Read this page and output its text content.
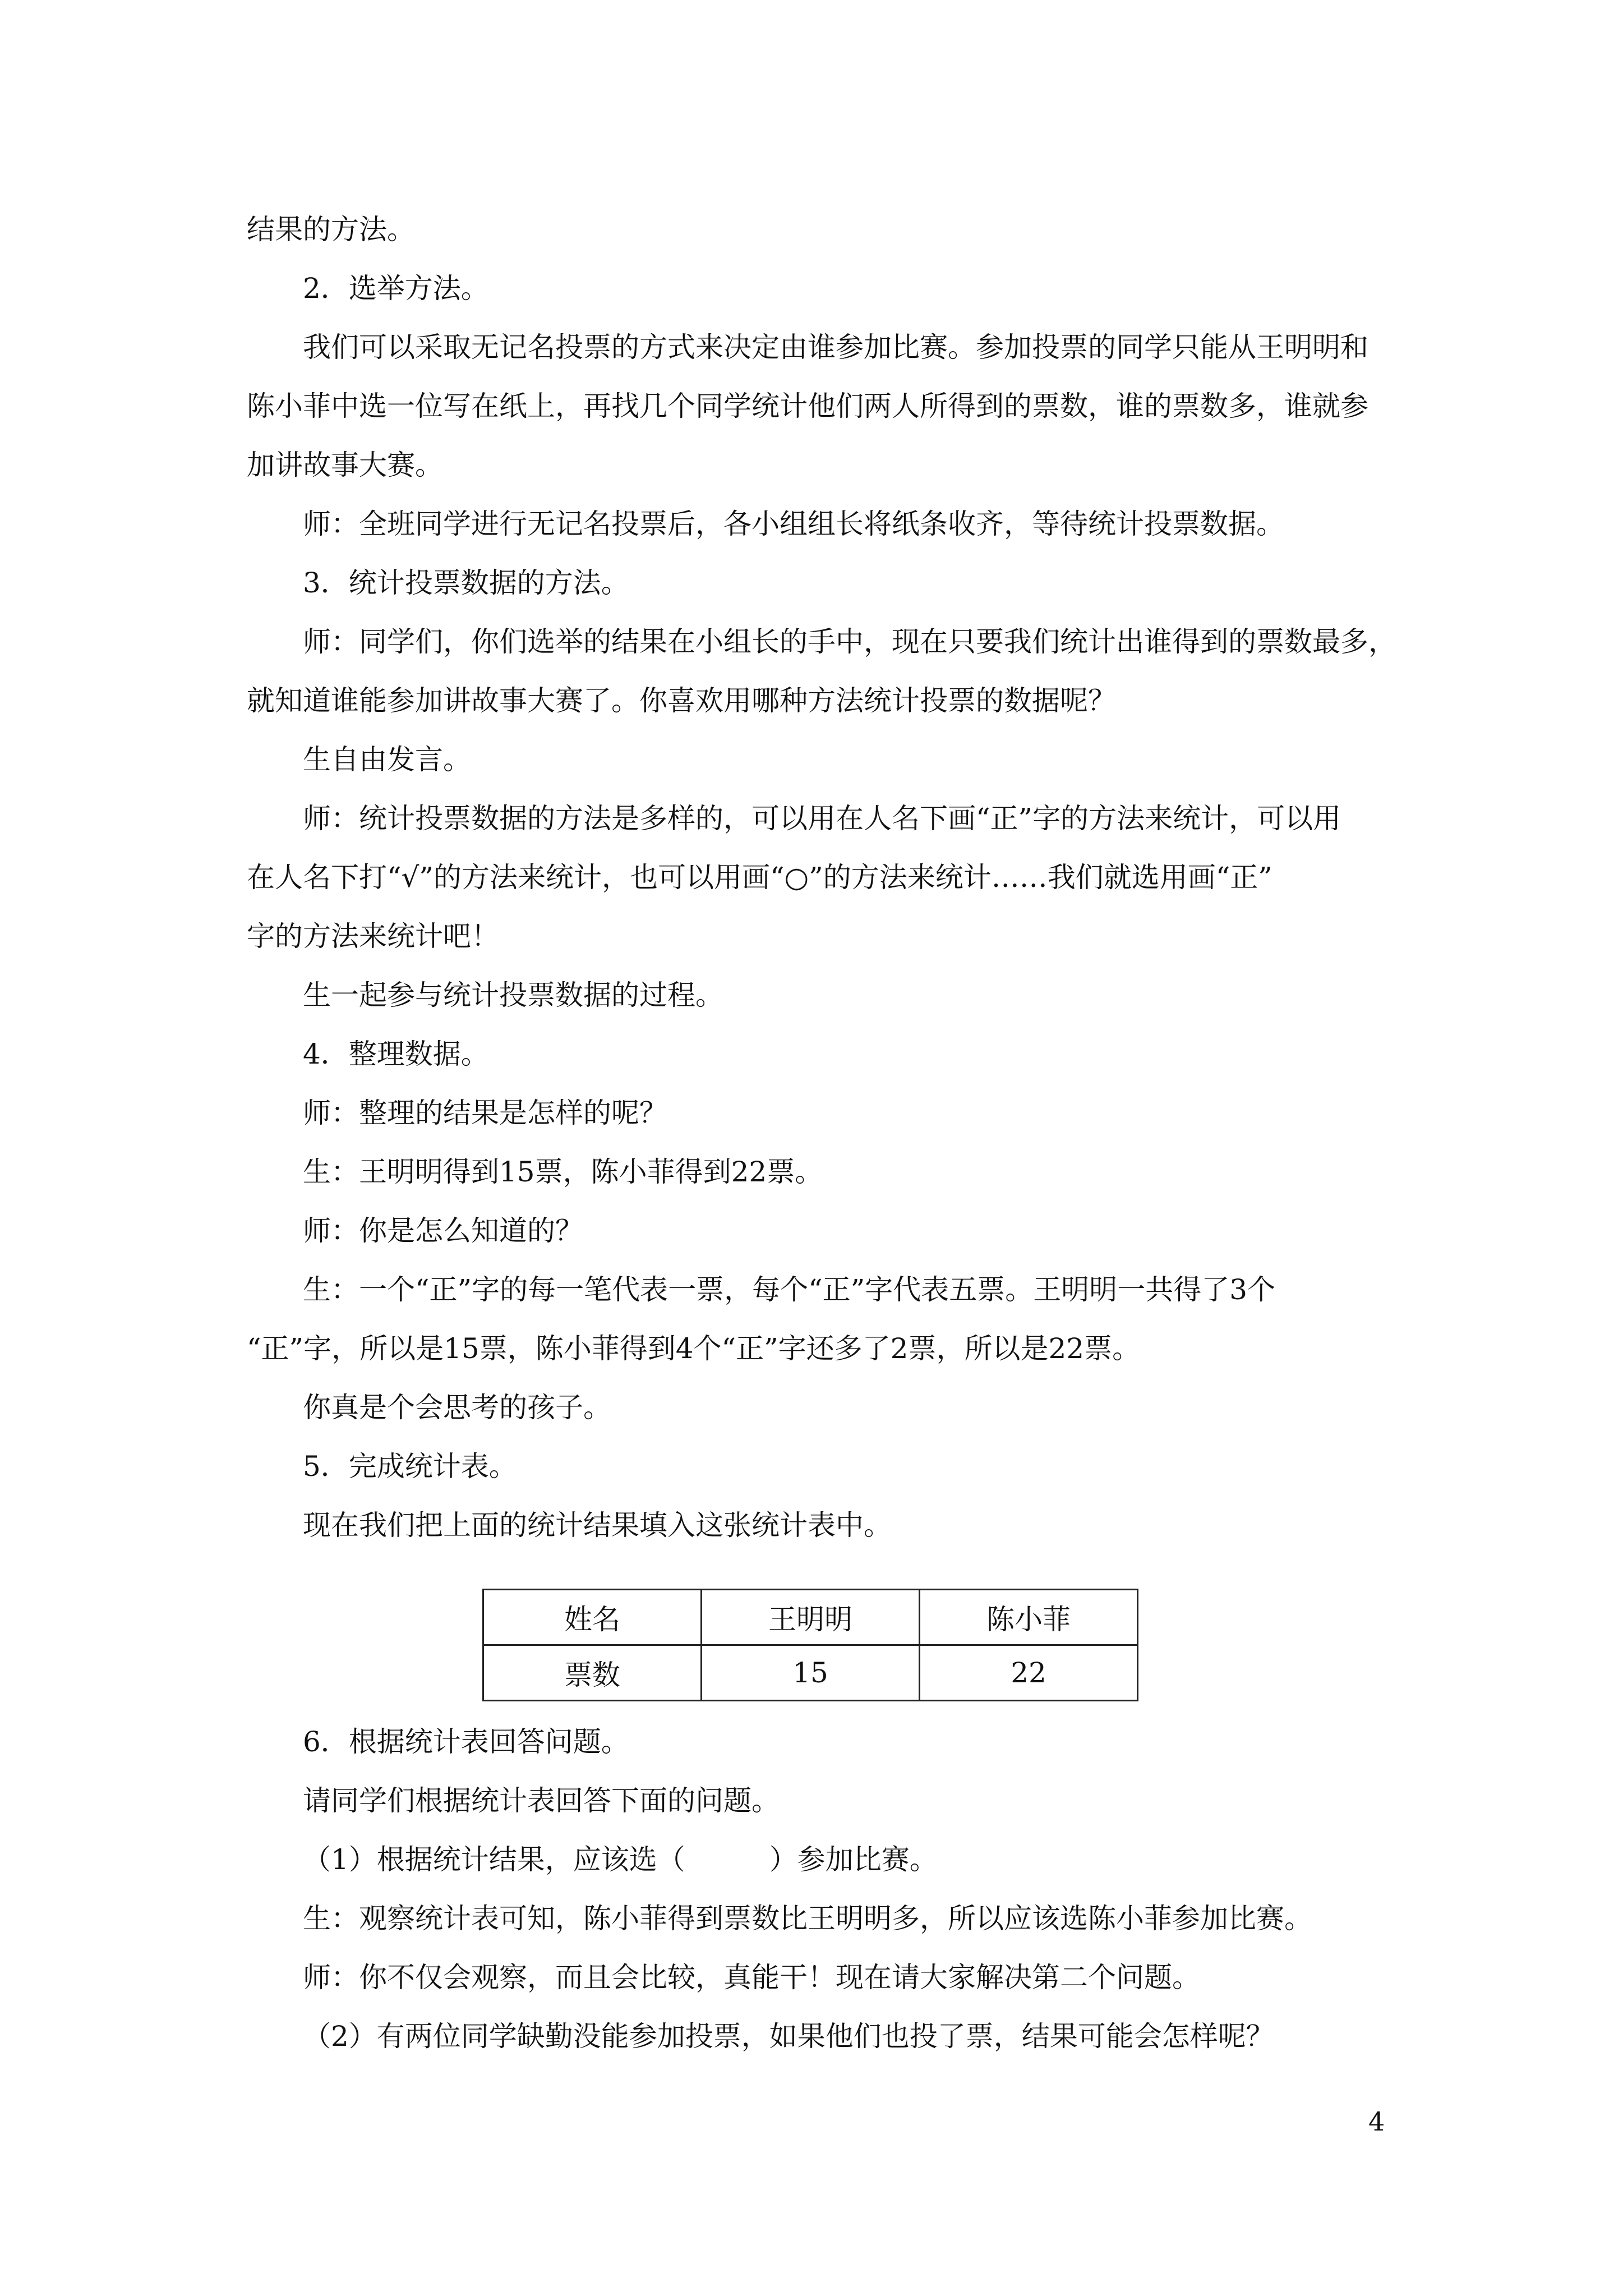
结果的方法。
2．选举方法。
我们可以采取无记名投票的方式来决定由谁参加比赛。参加投票的同学只能从王明明和
陈小菲中选一位写在纸上，再找几个同学统计他们两人所得到的票数，谁的票数多，谁就参
加讲故事大赛。
师：全班同学进行无记名投票后，各小组组长将纸条收齐，等待统计投票数据。
3．统计投票数据的方法。
师：同学们，你们选举的结果在小组长的手中，现在只要我们统计出谁得到的票数最多，
就知道谁能参加讲故事大赛了。你喜欢用哪种方法统计投票的数据呢？
生自由发言。
师：统计投票数据的方法是多样的，可以用在人名下画“正”字的方法来统计，可以用
在人名下打“√”的方法来统计，也可以用画“○”的方法来统计……我们就选用画“正”
字的方法来统计吧！
生一起参与统计投票数据的过程。
4．整理数据。
师：整理的结果是怎样的呢？
生：王明明得到15票，陈小菲得到22票。
师：你是怎么知道的？
生：一个“正”字的每一笔代表一票，每个“正”字代表五票。王明明一共得了3个
“正”字，所以是15票，陈小菲得到4个“正”字还多了2票，所以是22票。
你真是个会思考的孩子。
5．完成统计表。
现在我们把上面的统计结果填入这张统计表中。
姓名	王明明	陈小菲
票数	15	22
6．根据统计表回答问题。
请同学们根据统计表回答下面的问题。
（1）根据统计结果，应该选（　　　）参加比赛。
生：观察统计表可知，陈小菲得到票数比王明明多，所以应该选陈小菲参加比赛。
师：你不仅会观察，而且会比较，真能干！现在请大家解决第二个问题。
（2）有两位同学缺勤没能参加投票，如果他们也投了票，结果可能会怎样呢？
4
